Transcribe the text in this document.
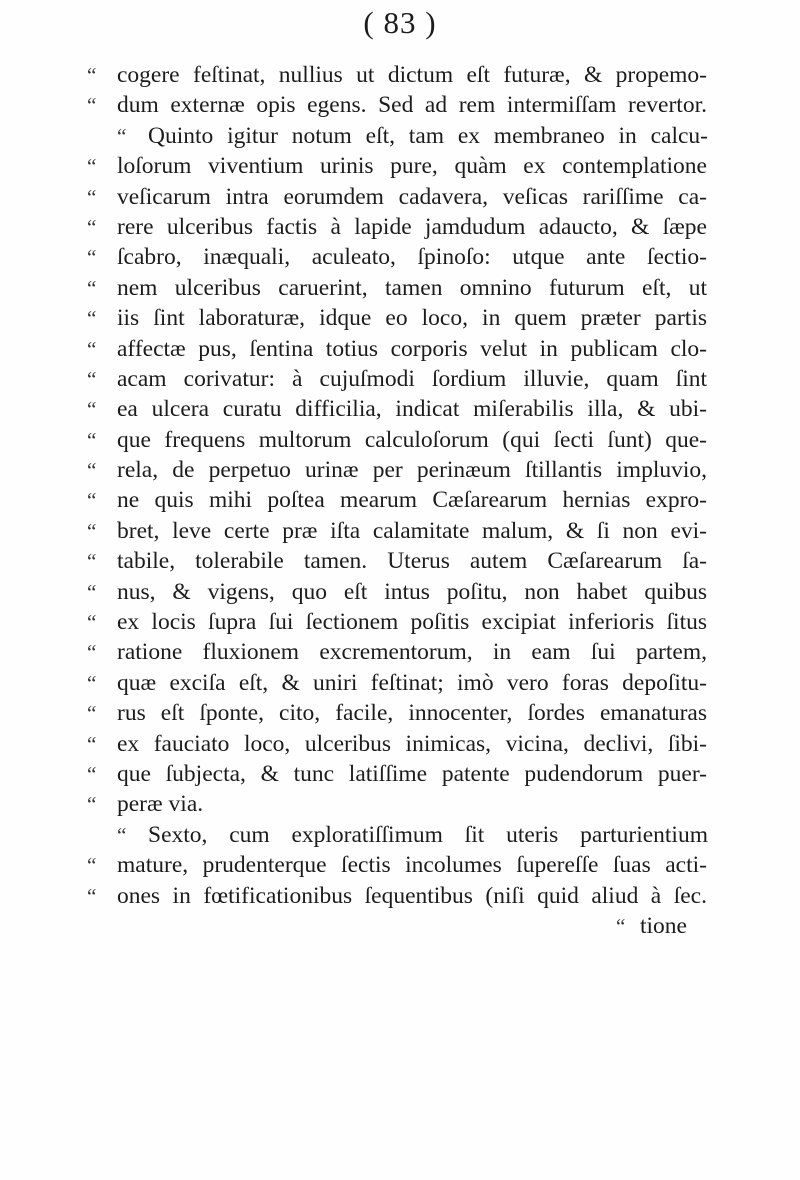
( 83 )
“ cogere feſtinat, nullius ut dictum eſt futuræ, & propemo-
“ dum externæ opis egens. Sed ad rem intermiſſam revertor.
“ Quinto igitur notum eſt, tam ex membraneo in calcu-
“ loſorum viventium urinis pure, quàm ex contemplatione
“ veſicarum intra eorumdem cadavera, veſicas rariſſime ca-
“ rere ulceribus factis à lapide jamdudum adaucto, & ſæpe
“ ſcabro, inæquali, aculeato, ſpinoſo: utque ante ſectio-
“ nem ulceribus caruerint, tamen omnino futurum eſt, ut
“ iis ſint laboraturæ, idque eo loco, in quem præter partis
“ affectæ pus, ſentina totius corporis velut in publicam clo-
“ acam corivatur: à cujuſmodi ſordium illuvie, quam ſint
“ ea ulcera curatu difficilia, indicat miſerabilis illa, & ubi-
“ que frequens multorum calculoſorum (qui ſecti ſunt) que-
“ rela, de perpetuo urinæ per perinæum ſtillantis impluvio,
“ ne quis mihi poſtea mearum Cæſarearum hernias expro-
“ bret, leve certe præ iſta calamitate malum, & ſi non evi-
“ tabile, tolerabile tamen. Uterus autem Cæſarearum ſa-
“ nus, & vigens, quo eſt intus poſitu, non habet quibus
“ ex locis ſupra ſui ſectionem poſitis excipiat inferioris ſitus
“ ratione fluxionem excrementorum, in eam ſui partem,
“ quæ exciſa eſt, & uniri feſtinat; imò vero foras depoſitu-
“ rus eſt ſponte, cito, facile, innocenter, ſordes emanaturas
“ ex fauciato loco, ulceribus inimicas, vicina, declivi, ſibi-
“ que ſubjecta, & tunc latiſſime patente pudendorum puer-
“ peræ via.
“ Sexto, cum exploratiſſimum ſit uteris parturientium
“ mature, prudenterque ſectis incolumes ſupereſſe ſuas acti-
“ ones in fœtificationibus ſequentibus (niſi quid aliud à ſec.
“ tione
